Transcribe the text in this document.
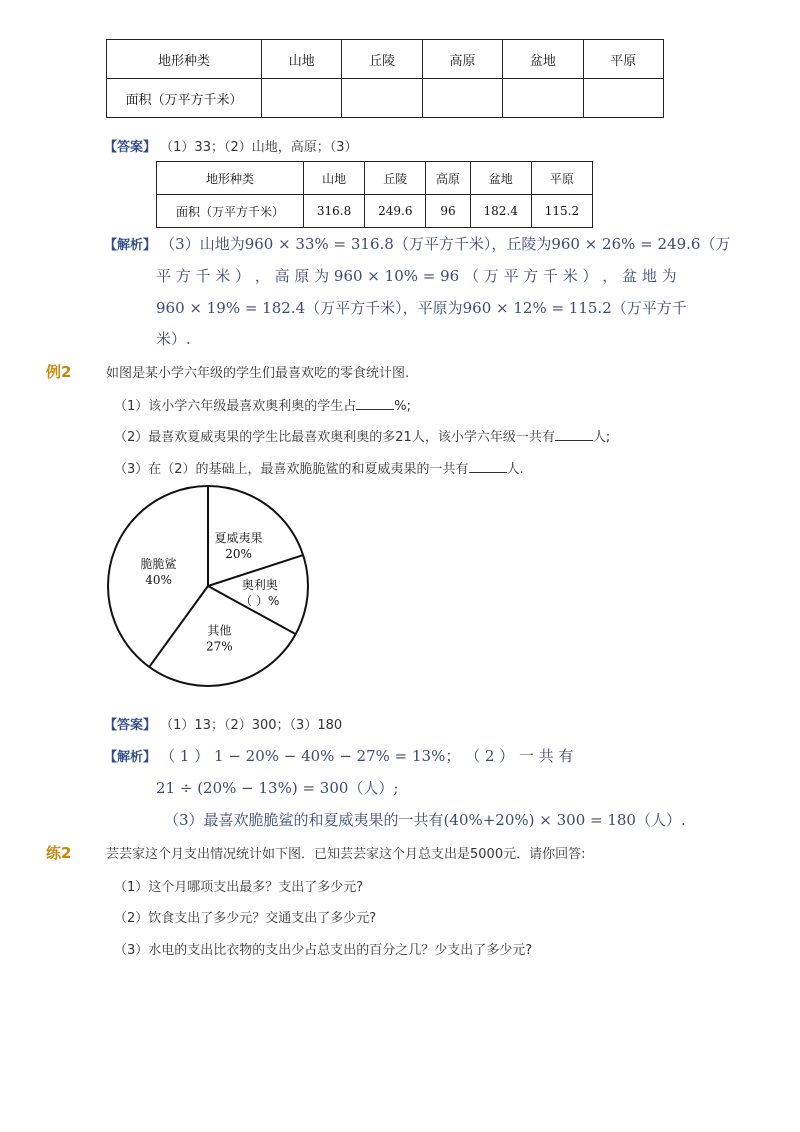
地形种类	山地	丘陵	高原	盆地	平原
面积（万平方千米）					
【答案】 （1）33；（2）山地，高原；（3）
地形种类	山地	丘陵	高原	盆地	平原
面积（万平方千米）	316.8	249.6	96	182.4	115.2
【解析】 （3）山地为960 × 33% = 316.8（万平方千米），丘陵为960 × 26% = 249.6（万
平 方 千 米 ） ， 高 原 为 960 × 10% = 96 （ 万 平 方 千 米 ） ， 盆 地 为
960 × 19% = 182.4（万平方千米），平原为960 × 12% = 115.2（万平方千
米）.
例2	如图是某小学六年级的学生们最喜欢吃的零食统计图.
（1）该小学六年级最喜欢奥利奥的学生占	%;
（2）最喜欢夏威夷果的学生比最喜欢奥利奥的多21人，该小学六年级一共有	人;
（3）在（2）的基础上，最喜欢脆脆鲨的和夏威夷果的一共有	人.
夏威夷果
20%
奥利奥
（ ）%
其他
27%
脆脆鲨
40%
【答案】 （1）13；（2）300；（3）180
【解析】 （ 1 ） 1 − 20% − 40% − 27% = 13%； （ 2 ） 一 共 有
21 ÷ (20% − 13%) = 300（人）;
（3）最喜欢脆脆鲨的和夏威夷果的一共有(40%+20%) × 300 = 180（人）.
练2	芸芸家这个月支出情况统计如下图．已知芸芸家这个月总支出是5000元．请你回答:
（1）这个月哪项支出最多？支出了多少元?
（2）饮食支出了多少元？交通支出了多少元?
（3）水电的支出比衣物的支出少占总支出的百分之几？少支出了多少元?
